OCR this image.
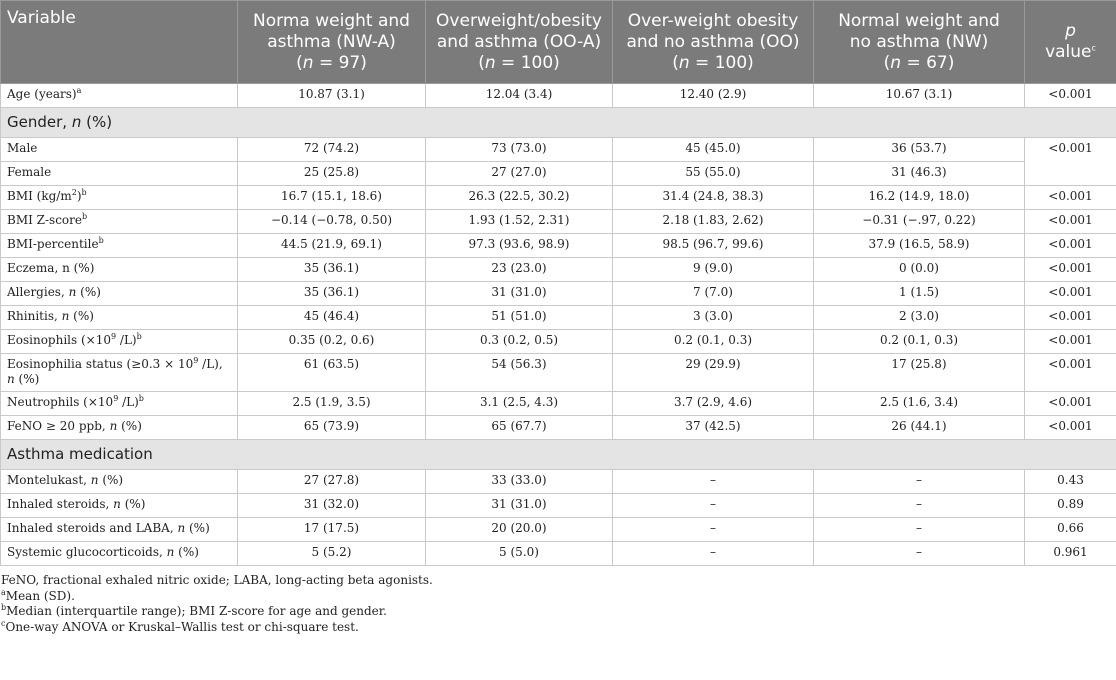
Variable	Norma weight and
asthma (NW-A)
(n = 97)	Overweight/obesity
and asthma (OO-A)
(n = 100)	Over-weight obesity
and no asthma (OO)
(n = 100)	Normal weight and
no asthma (NW)
(n = 67)	p
value$^c$
Age (years)$^a$	10.87 (3.1)	12.04 (3.4)	12.40 (2.9)	10.67 (3.1)	<0.001
Gender, n (%)					
Male	72 (74.2)	73 (73.0)	45 (45.0)	36 (53.7)	<0.001
Female	25 (25.8)	27 (27.0)	55 (55.0)	31 (46.3)	
BMI $(kg/m^2)^b$	16.7 (15.1, 18.6)	26.3 (22.5, 30.2)	31.4 (24.8, 38.3)	16.2 (14.9, 18.0)	<0.001
BMI Z-score$^b$	−0.14 (−0.78, 0.50)	1.93 (1.52, 2.31)	2.18 (1.83, 2.62)	−0.31 (−.97, 0.22)	<0.001
BMI-percentile$^b$	44.5 (21.9, 69.1)	97.3 (93.6, 98.9)	98.5 (96.7, 99.6)	37.9 (16.5, 58.9)	<0.001
Eczema, n (%)	35 (36.1)	23 (23.0)	9 (9.0)	0 (0.0)	<0.001
Allergies, n (%)	35 (36.1)	31 (31.0)	7 (7.0)	1 (1.5)	<0.001
Rhinitis, n (%)	45 (46.4)	51 (51.0)	3 (3.0)	2 (3.0)	<0.001
Eosinophils ($\times 10^9$ /L)$^b$	0.35 (0.2, 0.6)	0.3 (0.2, 0.5)	0.2 (0.1, 0.3)	0.2 (0.1, 0.3)	<0.001
Eosinophilia status ($\ge 0.3 \times 10^9$ /L),
n (%)	61 (63.5)	54 (56.3)	29 (29.9)	17 (25.8)	<0.001
Neutrophils ($\times 10^9$ /L)$^b$	2.5 (1.9, 3.5)	3.1 (2.5, 4.3)	3.7 (2.9, 4.6)	2.5 (1.6, 3.4)	<0.001
FeNO ≥ 20 ppb, n (%)	65 (73.9)	65 (67.7)	37 (42.5)	26 (44.1)	<0.001
Asthma medication					
Montelukast, n (%)	27 (27.8)	33 (33.0)	–	–	0.43
Inhaled steroids, n (%)	31 (32.0)	31 (31.0)	–	–	0.89
Inhaled steroids and LABA, n (%)	17 (17.5)	20 (20.0)	–	–	0.66
Systemic glucocorticoids, n (%)	5 (5.2)	5 (5.0)	–	–	0.961

FeNO, fractional exhaled nitric oxide; LABA, long-acting beta agonists.

$^a$Mean (SD).

$^b$Median (interquartile range); BMI Z-score for age and gender.

$^c$One-way ANOVA or Kruskal–Wallis test or chi-square test.
